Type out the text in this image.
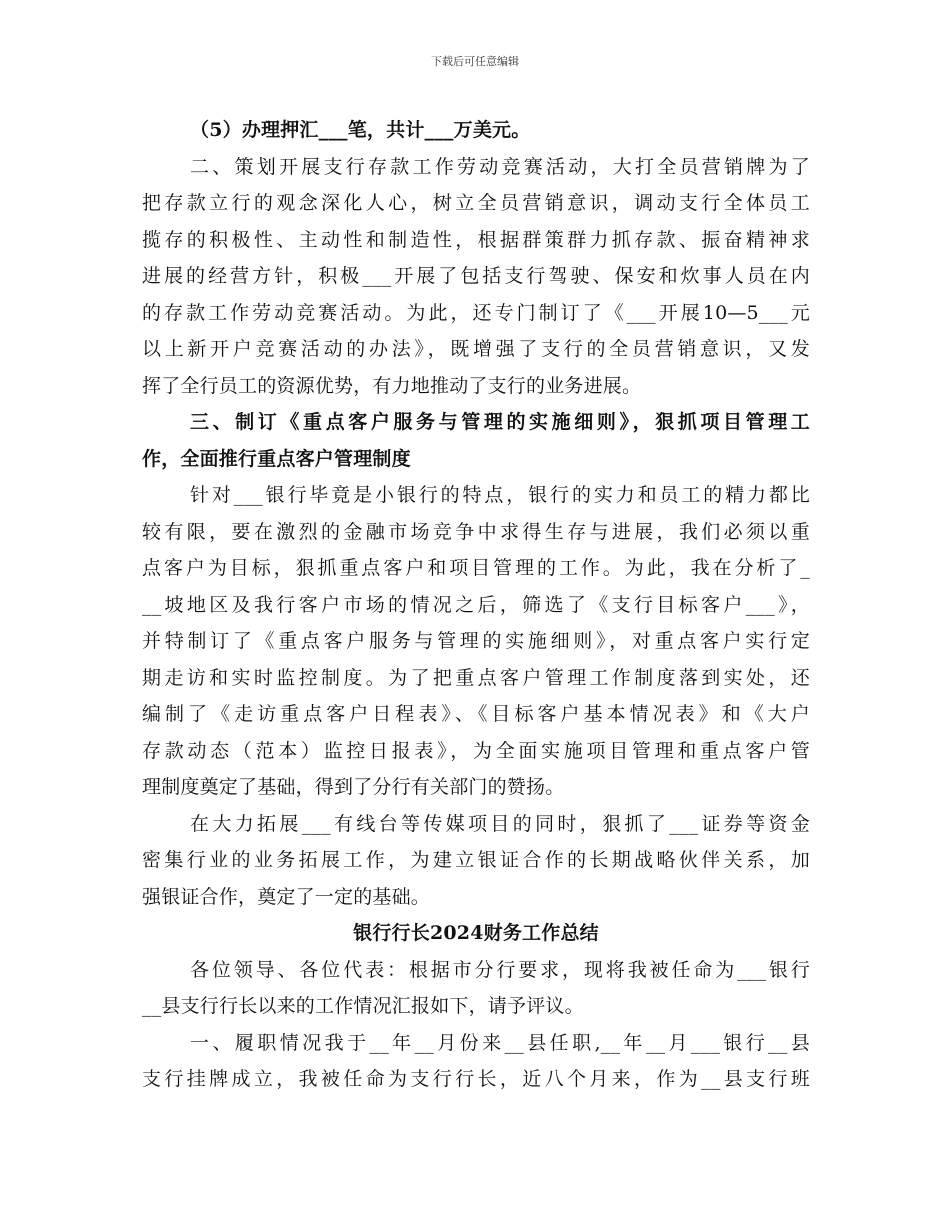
下载后可任意编辑
（5）办理押汇___笔，共计___万美元。
二、策划开展支行存款工作劳动竞赛活动，大打全员营销牌为了
把存款立行的观念深化人心，树立全员营销意识，调动支行全体员工
揽存的积极性、主动性和制造性，根据群策群力抓存款、振奋精神求
进展的经营方针，积极___开展了包括支行驾驶、保安和炊事人员在内
的存款工作劳动竞赛活动。为此，还专门制订了《___开展10—5___元
以上新开户竞赛活动的办法》，既增强了支行的全员营销意识，又发
挥了全行员工的资源优势，有力地推动了支行的业务进展。
三、制订《重点客户服务与管理的实施细则》，狠抓项目管理工
作，全面推行重点客户管理制度
针对___银行毕竟是小银行的特点，银行的实力和员工的精力都比
较有限，要在激烈的金融市场竞争中求得生存与进展，我们必须以重
点客户为目标，狠抓重点客户和项目管理的工作。为此，我在分析了_
__坡地区及我行客户市场的情况之后，筛选了《支行目标客户___》，
并特制订了《重点客户服务与管理的实施细则》，对重点客户实行定
期走访和实时监控制度。为了把重点客户管理工作制度落到实处，还
编制了《走访重点客户日程表》、《目标客户基本情况表》和《大户
存款动态（范本）监控日报表》，为全面实施项目管理和重点客户管
理制度奠定了基础，得到了分行有关部门的赞扬。
在大力拓展___有线台等传媒项目的同时，狠抓了___证券等资金
密集行业的业务拓展工作，为建立银证合作的长期战略伙伴关系，加
强银证合作，奠定了一定的基础。
银行行长2024财务工作总结
各位领导、各位代表：根据市分行要求，现将我被任命为___银行
__县支行行长以来的工作情况汇报如下，请予评议。
一、履职情况我于__年__月份来__县任职,__年__月___银行__县
支行挂牌成立，我被任命为支行行长，近八个月来，作为__县支行班
